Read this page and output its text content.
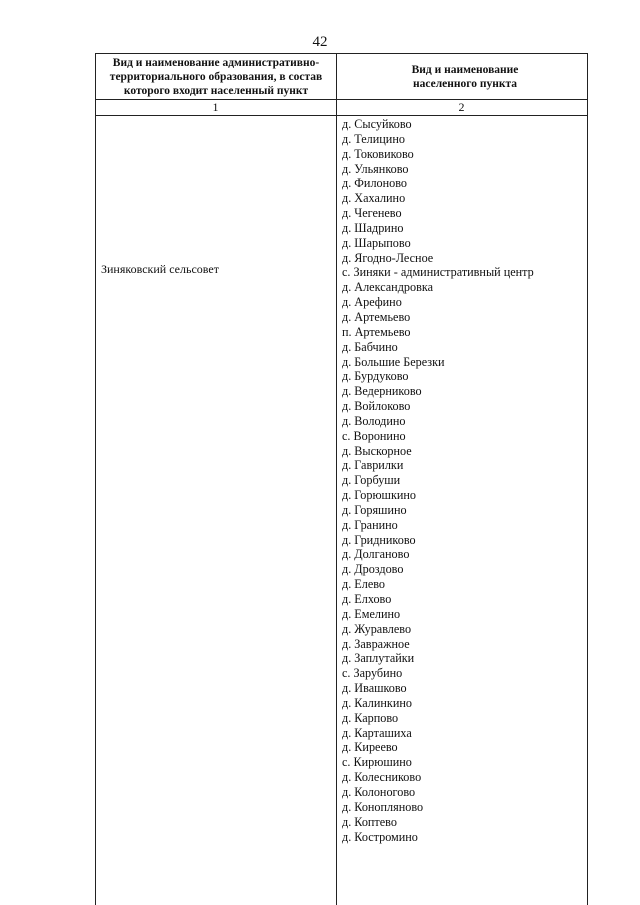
42
Вид и наименование административно-территориального образования, в состав которого входит населенный пункт
Вид и наименование населенного пункта
1	2
Зиняковский сельсовет
д. Сысуйково
д. Телицино
д. Токовиково
д. Ульянково
д. Филоново
д. Хахалино
д. Чегенево
д. Шадрино
д. Шарыпово
д. Ягодно-Лесное
с. Зиняки - административный центр
д. Александровка
д. Арефино
д. Артемьево
п. Артемьево
д. Бабчино
д. Большие Березки
д. Бурдуково
д. Ведерниково
д. Войлоково
д. Володино
с. Воронино
д. Выскорное
д. Гаврилки
д. Горбуши
д. Горюшкино
д. Горяшино
д. Гранино
д. Гридниково
д. Долганово
д. Дроздово
д. Елево
д. Елхово
д. Емелино
д. Журавлево
д. Завражное
д. Заплутайки
с. Зарубино
д. Ивашково
д. Калинкино
д. Карпово
д. Карташиха
д. Киреево
с. Кирюшино
д. Колесниково
д. Колоногово
д. Коноплянoво
д. Коптево
д. Костромино
